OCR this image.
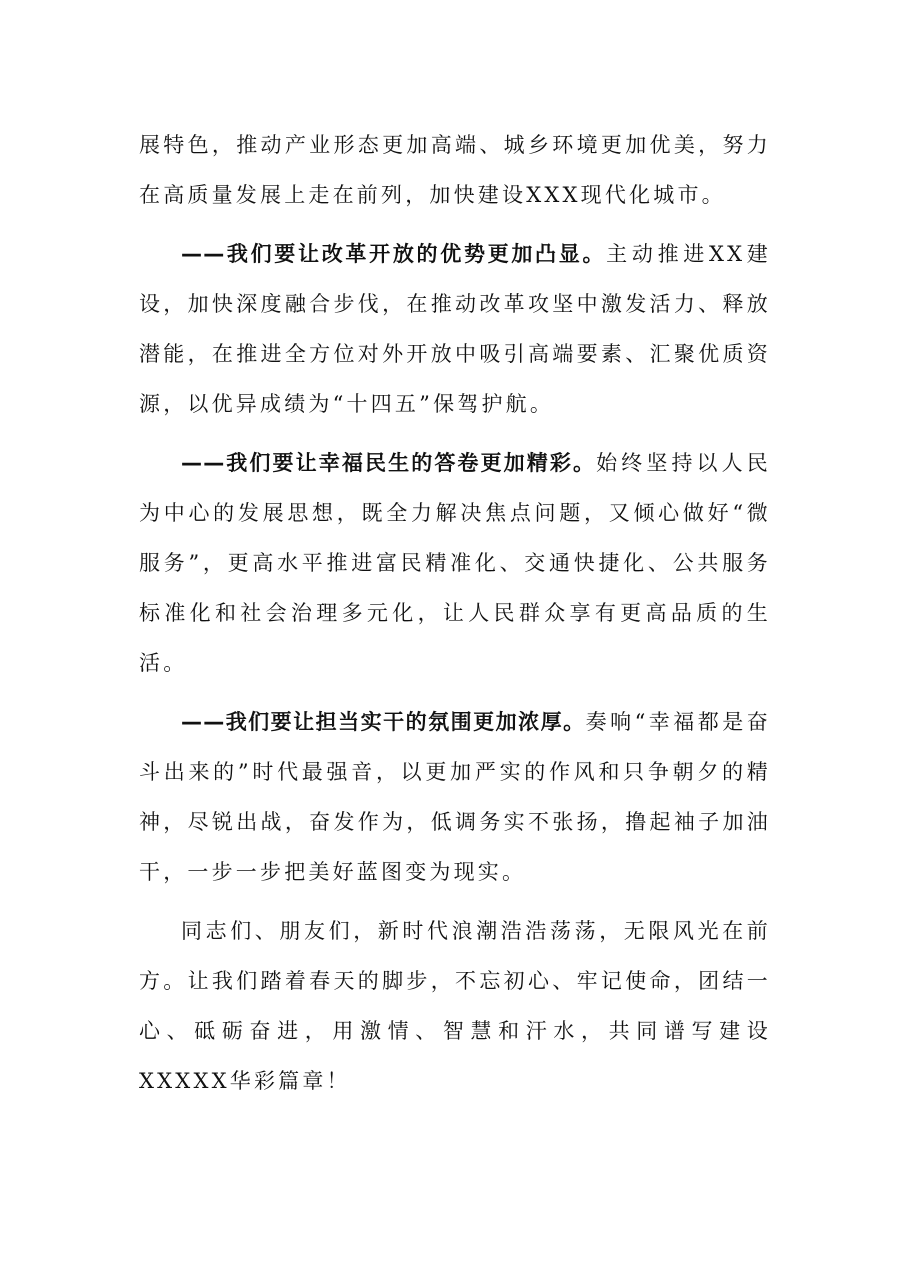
展特色，推动产业形态更加高端、城乡环境更加优美，努力在高质量发展上走在前列，加快建设XXX现代化城市。

——我们要让改革开放的优势更加凸显。主动推进XX建设，加快深度融合步伐，在推动改革攻坚中激发活力、释放潜能，在推进全方位对外开放中吸引高端要素、汇聚优质资源，以优异成绩为“十四五”保驾护航。

——我们要让幸福民生的答卷更加精彩。始终坚持以人民为中心的发展思想，既全力解决焦点问题，又倾心做好“微服务”，更高水平推进富民精准化、交通快捷化、公共服务标准化和社会治理多元化，让人民群众享有更高品质的生活。

——我们要让担当实干的氛围更加浓厚。奏响“幸福都是奋斗出来的”时代最强音，以更加严实的作风和只争朝夕的精神，尽锐出战，奋发作为，低调务实不张扬，撸起袖子加油干，一步一步把美好蓝图变为现实。

同志们、朋友们，新时代浪潮浩浩荡荡，无限风光在前方。让我们踏着春天的脚步，不忘初心、牢记使命，团结一心、砥砺奋进，用激情、智慧和汗水，共同谱写建设XXXXX华彩篇章！
